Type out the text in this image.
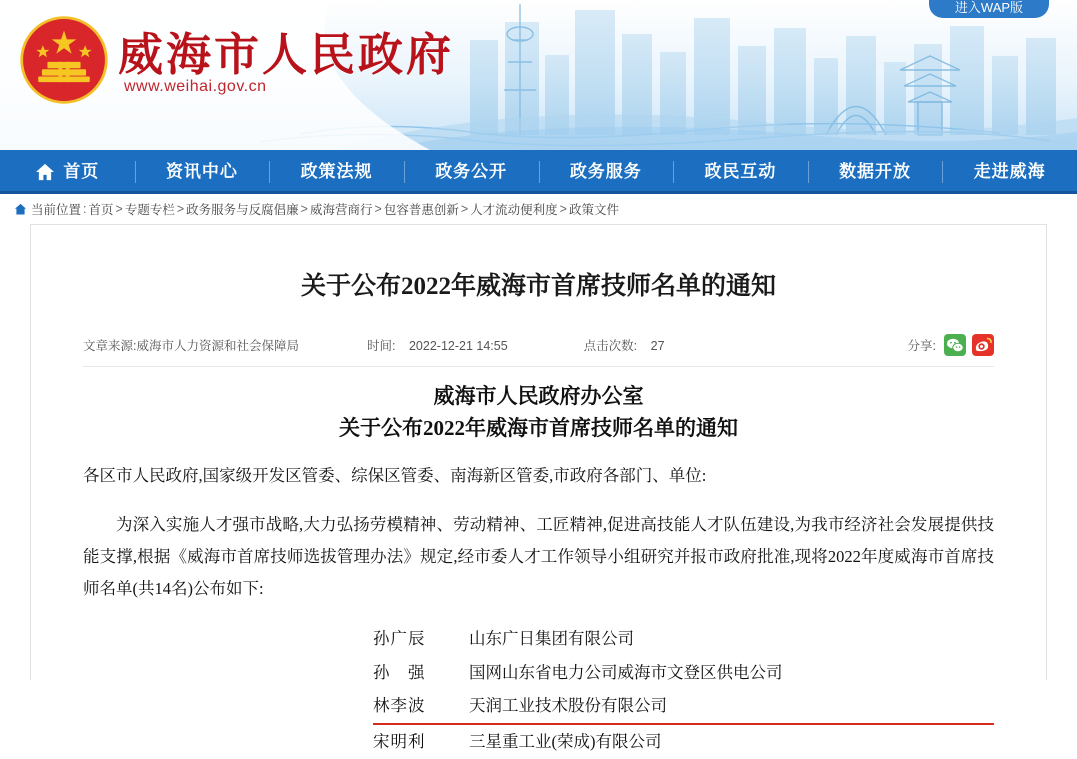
威海市人民政府
www.weihai.gov.cn
进入WAP版
首页	资讯中心	政策法规	政务公开	政务服务	政民互动	数据开放	走进威海
当前位置 : 首页 > 专题专栏 > 政务服务与反腐倡廉 > 威海营商行 > 包容普惠创新 > 人才流动便利度 > 政策文件
关于公布2022年威海市首席技师名单的通知
文章来源:威海市人力资源和社会保障局	时间: 2022-12-21 14:55	点击次数: 27	分享:
威海市人民政府办公室
关于公布2022年威海市首席技师名单的通知

各区市人民政府,国家级开发区管委、综保区管委、南海新区管委,市政府各部门、单位:

为深入实施人才强市战略,大力弘扬劳模精神、劳动精神、工匠精神,促进高技能人才队伍建设,为我市经济社会发展提供技能支撑,根据《威海市首席技师选拔管理办法》规定,经市委人才工作领导小组研究并报市政府批准,现将2022年度威海市首席技师名单(共14名)公布如下:

孙广辰	山东广日集团有限公司
孙　强	国网山东省电力公司威海市文登区供电公司
林李波	天润工业技术股份有限公司
宋明利	三星重工业(荣成)有限公司
